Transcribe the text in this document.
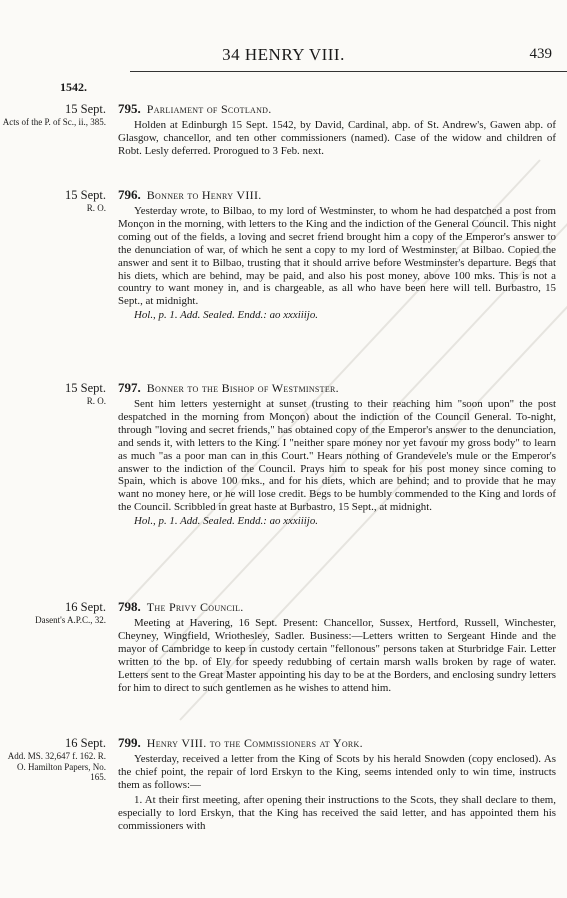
34 HENRY VIII.	439
1542.
15 Sept.
Acts of the P. of Sc., ii., 385.
795. Parliament of Scotland.

Holden at Edinburgh 15 Sept. 1542, by David, Cardinal, abp. of St. Andrew's, Gawen abp. of Glasgow, chancellor, and ten other commissioners (named). Case of the widow and children of Robt. Lesly deferred. Prorogued to 3 Feb. next.

15 Sept.
R. O.
796. Bonner to Henry VIII.

Yesterday wrote, to Bilbao, to my lord of Westminster, to whom he had despatched a post from Monçon in the morning, with letters to the King and the indiction of the General Council. This night coming out of the fields, a loving and secret friend brought him a copy of the Emperor's answer to the denunciation of war, of which he sent a copy to my lord of Westminster, at Bilbao. Copied the answer and sent it to Bilbao, trusting that it should arrive before Westminster's departure. Begs that his diets, which are behind, may be paid, and also his post money, above 100 mks. This is not a country to want money in, and is chargeable, as all who have been here will tell. Burbastro, 15 Sept., at midnight.

Hol., p. 1. Add. Sealed. Endd.: ao xxxiiijo.

15 Sept.
R. O.
797. Bonner to the Bishop of Westminster.

Sent him letters yesternight at sunset (trusting to their reaching him "soon upon" the post despatched in the morning from Monçon) about the indiction of the Council General. To-night, through "loving and secret friends," has obtained copy of the Emperor's answer to the denunciation, and sends it, with letters to the King. I "neither spare money nor yet favour my gross body" to learn as much "as a poor man can in this Court." Hears nothing of Grandevele's mule or the Emperor's answer to the indiction of the Council. Prays him to speak for his post money since coming to Spain, which is above 100 mks., and for his diets, which are behind; and to provide that he may want no money here, or he will lose credit. Begs to be humbly commended to the King and lords of the Council. Scribbled in great haste at Burbastro, 15 Sept., at midnight.

Hol., p. 1. Add. Sealed. Endd.: ao xxxiiijo.

16 Sept.
Dasent's A.P.C., 32.
798. The Privy Council.

Meeting at Havering, 16 Sept. Present: Chancellor, Sussex, Hertford, Russell, Winchester, Cheyney, Wingfield, Wriothesley, Sadler. Business:—Letters written to Sergeant Hinde and the mayor of Cambridge to keep in custody certain "fellonous" persons taken at Sturbridge Fair. Letter written to the bp. of Ely for speedy redubbing of certain marsh walls broken by rage of water. Letters sent to the Great Master appointing his day to be at the Borders, and enclosing sundry letters for him to direct to such gentlemen as he wishes to attend him.

16 Sept.
Add. MS. 32,647 f. 162. R. O. Hamilton Papers, No. 165.
799. Henry VIII. to the Commissioners at York.

Yesterday, received a letter from the King of Scots by his herald Snowden (copy enclosed). As the chief point, the repair of lord Erskyn to the King, seems intended only to win time, instructs them as follows:—

1. At their first meeting, after opening their instructions to the Scots, they shall declare to them, especially to lord Erskyn, that the King has received the said letter, and has appointed them his commissioners with
